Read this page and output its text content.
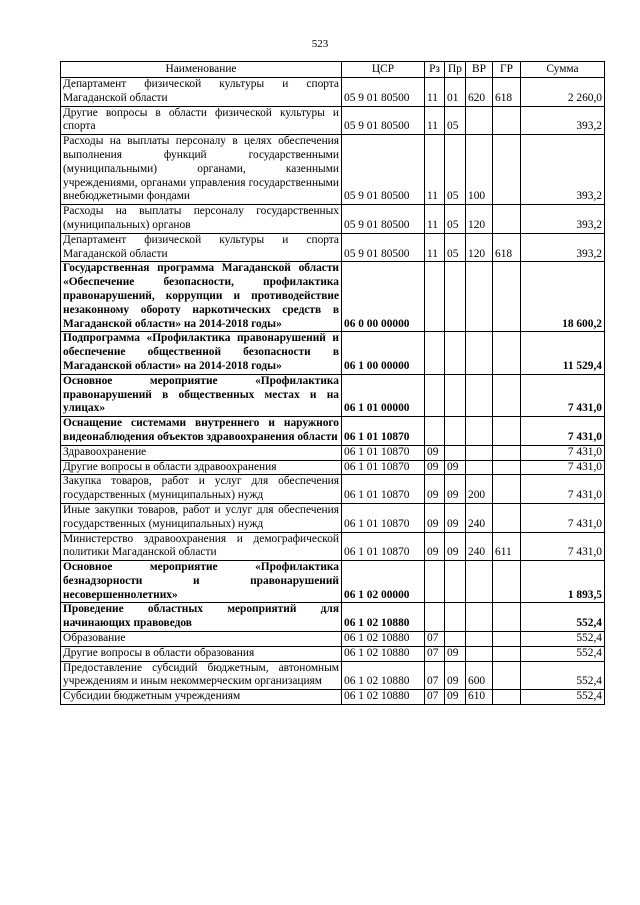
523
Наименование	ЦСР	Рз	Пр	ВР	ГР	Сумма
Департамент физической культуры и спорта Магаданской области	05 9 01 80500	11	01	620	618	2 260,0
Другие вопросы в области физической культуры и спорта	05 9 01 80500	11	05			393,2
Расходы на выплаты персоналу в целях обеспечения выполнения функций государственными (муниципальными) органами, казенными учреждениями, органами управления государственными внебюджетными фондами	05 9 01 80500	11	05	100		393,2
Расходы на выплаты персоналу государственных (муниципальных) органов	05 9 01 80500	11	05	120		393,2
Департамент физической культуры и спорта Магаданской области	05 9 01 80500	11	05	120	618	393,2
Государственная программа Магаданской области «Обеспечение безопасности, профилактика правонарушений, коррупции и противодействие незаконному обороту наркотических средств в Магаданской области» на 2014-2018 годы»	06 0 00 00000					18 600,2
Подпрограмма «Профилактика правонарушений и обеспечение общественной безопасности в Магаданской области» на 2014-2018 годы»	06 1 00 00000					11 529,4
Основное мероприятие «Профилактика правонарушений в общественных местах и на улицах»	06 1 01 00000					7 431,0
Оснащение системами внутреннего и наружного видеонаблюдения объектов здравоохранения области	06 1 01 10870					7 431,0
Здравоохранение	06 1 01 10870	09				7 431,0
Другие вопросы в области здравоохранения	06 1 01 10870	09	09			7 431,0
Закупка товаров, работ и услуг для обеспечения государственных (муниципальных) нужд	06 1 01 10870	09	09	200		7 431,0
Иные закупки товаров, работ и услуг для обеспечения государственных (муниципальных) нужд	06 1 01 10870	09	09	240		7 431,0
Министерство здравоохранения и демографической политики Магаданской области	06 1 01 10870	09	09	240	611	7 431,0
Основное мероприятие «Профилактика безнадзорности и правонарушений несовершеннолетних»	06 1 02 00000					1 893,5
Проведение областных мероприятий для начинающих правоведов	06 1 02 10880					552,4
Образование	06 1 02 10880	07				552,4
Другие вопросы в области образования	06 1 02 10880	07	09			552,4
Предоставление субсидий бюджетным, автономным учреждениям и иным некоммерческим организациям	06 1 02 10880	07	09	600		552,4
Субсидии бюджетным учреждениям	06 1 02 10880	07	09	610		552,4
